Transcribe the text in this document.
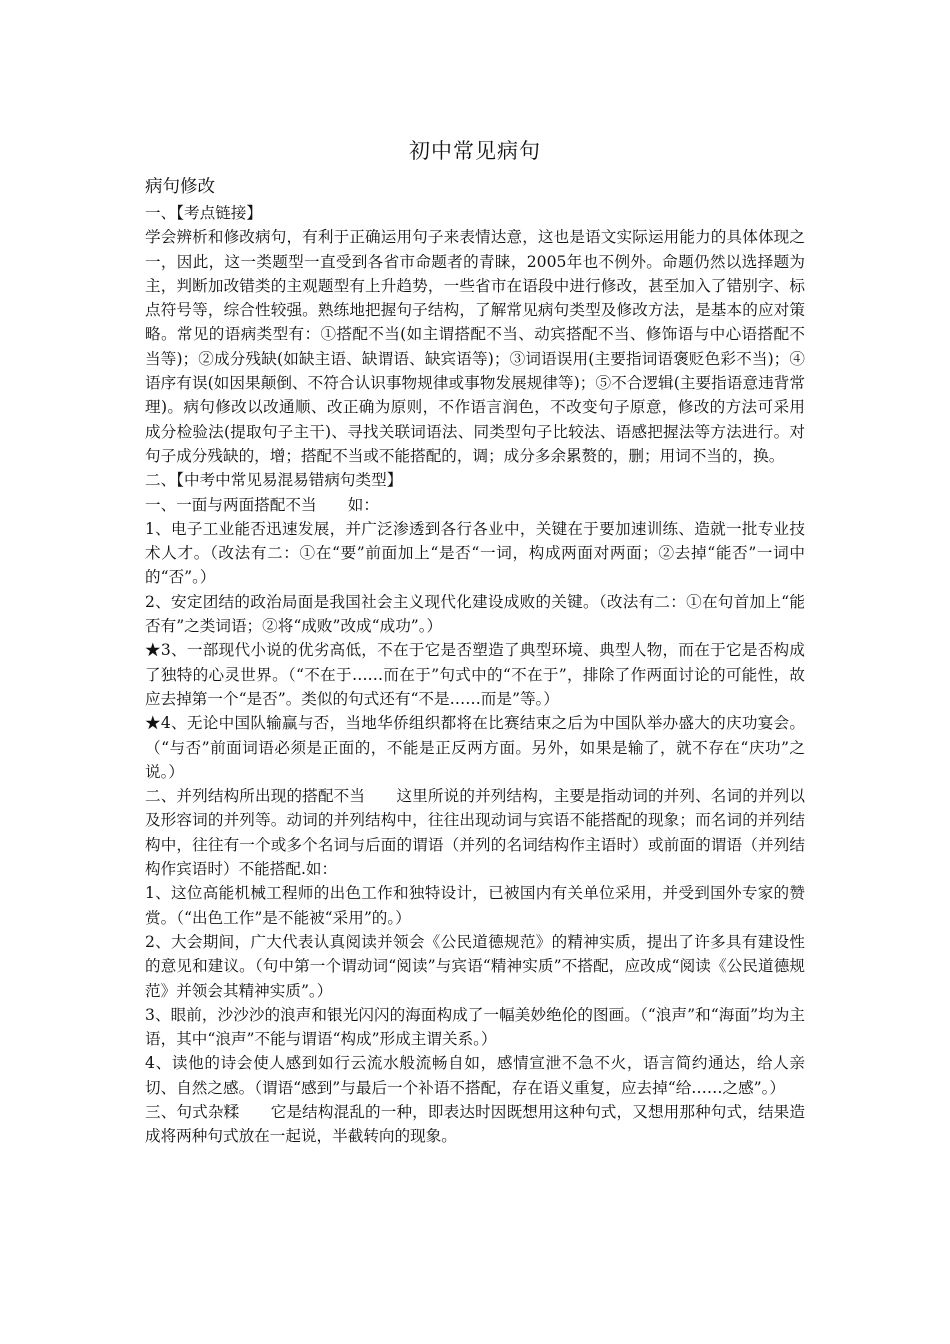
初中常见病句

病句修改

一、【考点链接】

学会辨析和修改病句，有利于正确运用句子来表情达意，这也是语文实际运用能力的具体体现之一，因此，这一类题型一直受到各省市命题者的青睐，2005年也不例外。命题仍然以选择题为主，判断加改错类的主观题型有上升趋势，一些省市在语段中进行修改，甚至加入了错别字、标点符号等，综合性较强。熟练地把握句子结构，了解常见病句类型及修改方法，是基本的应对策略。常见的语病类型有：①搭配不当(如主谓搭配不当、动宾搭配不当、修饰语与中心语搭配不当等)；②成分残缺(如缺主语、缺谓语、缺宾语等)；③词语误用(主要指词语褒贬色彩不当)；④语序有误(如因果颠倒、不符合认识事物规律或事物发展规律等)；⑤不合逻辑(主要指语意违背常理)。病句修改以改通顺、改正确为原则，不作语言润色，不改变句子原意，修改的方法可采用成分检验法(提取句子主干)、寻找关联词语法、同类型句子比较法、语感把握法等方法进行。对句子成分残缺的，增；搭配不当或不能搭配的，调；成分多余累赘的，删；用词不当的，换。

二、【中考中常见易混易错病句类型】

一、一面与两面搭配不当　　如：

1、电子工业能否迅速发展，并广泛渗透到各行各业中，关键在于要加速训练、造就一批专业技术人才。（改法有二：①在“要”前面加上“是否“一词，构成两面对两面；②去掉“能否”一词中的“否”。）

2、安定团结的政治局面是我国社会主义现代化建设成败的关键。（改法有二：①在句首加上“能否有”之类词语；②将“成败”改成“成功”。）

★3、一部现代小说的优劣高低，不在于它是否塑造了典型环境、典型人物，而在于它是否构成了独特的心灵世界。（“不在于……而在于”句式中的“不在于”，排除了作两面讨论的可能性，故应去掉第一个“是否”。类似的句式还有“不是……而是”等。）

★4、无论中国队输赢与否，当地华侨组织都将在比赛结束之后为中国队举办盛大的庆功宴会。（“与否”前面词语必须是正面的，不能是正反两方面。另外，如果是输了，就不存在“庆功”之说。）

二、并列结构所出现的搭配不当　　这里所说的并列结构，主要是指动词的并列、名词的并列以及形容词的并列等。动词的并列结构中，往往出现动词与宾语不能搭配的现象；而名词的并列结构中，往往有一个或多个名词与后面的谓语（并列的名词结构作主语时）或前面的谓语（并列结构作宾语时）不能搭配.如：

1、这位高能机械工程师的出色工作和独特设计，已被国内有关单位采用，并受到国外专家的赞赏。（“出色工作”是不能被“采用”的。）

2、大会期间，广大代表认真阅读并领会《公民道德规范》的精神实质，提出了许多具有建设性的意见和建议。（句中第一个谓动词“阅读”与宾语“精神实质”不搭配，应改成“阅读《公民道德规范》并领会其精神实质”。）

3、眼前，沙沙沙的浪声和银光闪闪的海面构成了一幅美妙绝伦的图画。（“浪声”和“海面”均为主语，其中“浪声”不能与谓语“构成”形成主谓关系。）

4、读他的诗会使人感到如行云流水般流畅自如，感情宣泄不急不火，语言简约通达，给人亲切、自然之感。（谓语“感到”与最后一个补语不搭配，存在语义重复，应去掉“给……之感”。）

三、句式杂糅　　它是结构混乱的一种，即表达时因既想用这种句式，又想用那种句式，结果造成将两种句式放在一起说，半截转向的现象。
